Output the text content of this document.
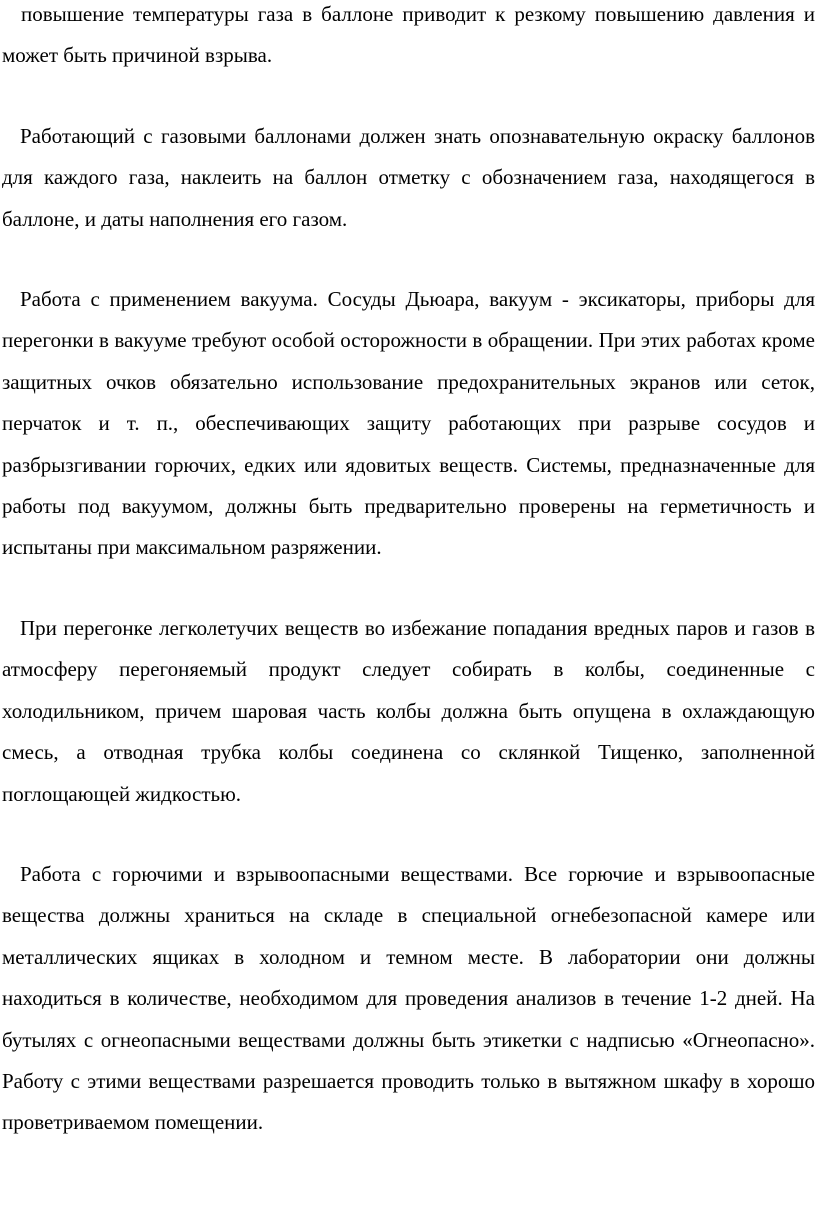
повышение температуры газа в баллоне приводит к резкому повышению давления и может быть причиной взрыва.

Работающий с газовыми баллонами должен знать опознавательную окраску баллонов для каждого газа, наклеить на баллон отметку с обозначением газа, находящегося в баллоне, и даты наполнения его газом.

Работа с применением вакуума. Сосуды Дьюара, вакуум - эксикаторы, приборы для перегонки в вакууме требуют особой осторожности в обращении. При этих работах кроме защитных очков обязательно использование предохранительных экранов или сеток, перчаток и т. п., обеспечивающих защиту работающих при разрыве сосудов и разбрызгивании горючих, едких или ядовитых веществ. Системы, предназначенные для работы под вакуумом, должны быть предварительно проверены на герметичность и испытаны при максимальном разряжении.

При перегонке легколетучих веществ во избежание попадания вредных паров и газов в атмосферу перегоняемый продукт следует собирать в колбы, соединенные с холодильником, причем шаровая часть колбы должна быть опущена в охлаждающую смесь, а отводная трубка колбы соединена со склянкой Тищенко, заполненной поглощающей жидкостью.

Работа с горючими и взрывоопасными веществами. Все горючие и взрывоопасные вещества должны храниться на складе в специальной огнебезопасной камере или металлических ящиках в холодном и темном месте. В лаборатории они должны находиться в количестве, необходимом для проведения анализов в течение 1-2 дней. На бутылях с огнеопасными веществами должны быть этикетки с надписью «Огнеопасно». Работу с этими веществами разрешается проводить только в вытяжном шкафу в хорошо проветриваемом помещении.
